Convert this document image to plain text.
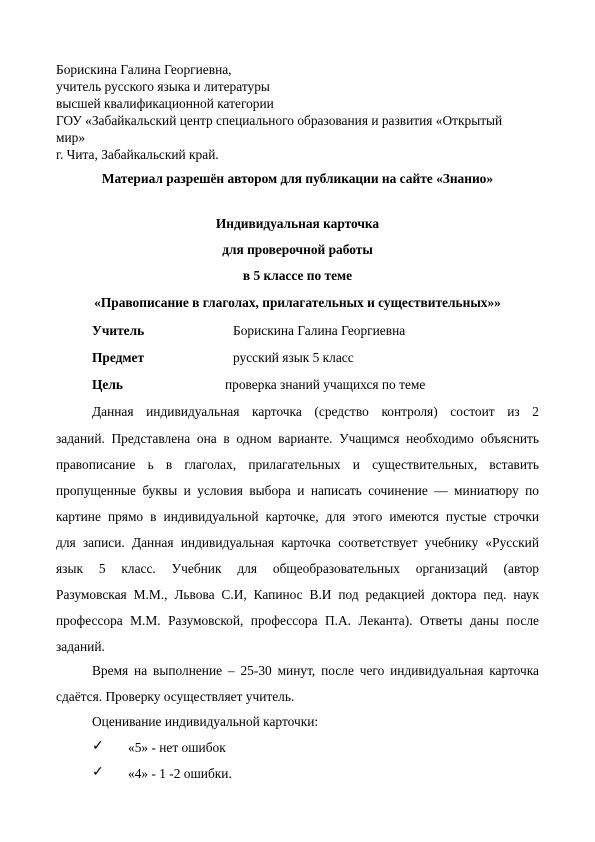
Борискина Галина Георгиевна,
учитель русского языка и литературы
высшей квалификационной категории
ГОУ «Забайкальский центр специального образования и развития «Открытый
мир»
г. Чита, Забайкальский край.
Материал разрешён автором для публикации на сайте «Знанио»
Индивидуальная карточка
для проверочной работы
в 5 классе по теме
«Правописание в глаголах, прилагательных и существительных»»
Учитель	Борискина Галина Георгиевна
Предмет	русский язык 5 класс
Цель	проверка знаний учащихся по теме
Данная индивидуальная карточка (средство контроля) состоит из 2
заданий. Представлена она в одном варианте. Учащимся необходимо объяснить
правописание ь в глаголах, прилагательных и существительных, вставить
пропущенные буквы и условия выбора и написать сочинение — миниатюру по
картине прямо в индивидуальной карточке, для этого имеются пустые строчки
для записи. Данная индивидуальная карточка соответствует учебнику «Русский
язык 5 класс. Учебник для общеобразовательных организаций (автор
Разумовская М.М., Львова С.И, Капинос В.И под редакцией доктора пед. наук
профессора М.М. Разумовской, профессора П.А. Леканта). Ответы даны после
заданий.
Время на выполнение – 25-30 минут, после чего индивидуальная карточка
сдаётся. Проверку осуществляет учитель.
Оценивание индивидуальной карточки:
✓ «5» - нет ошибок
✓ «4» - 1 -2 ошибки.
